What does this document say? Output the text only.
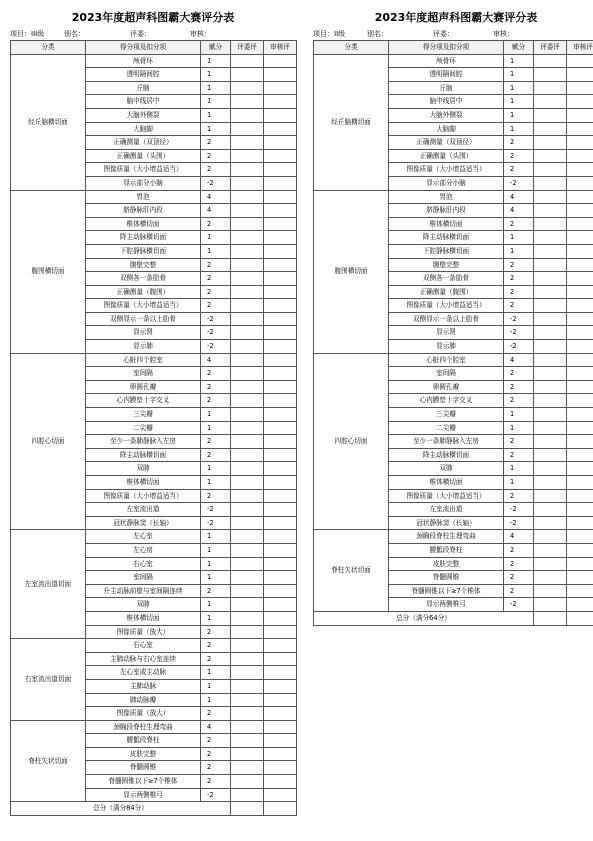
2023年度超声科图霸大赛评分表
项目：III级	别名：	评委：	审核：
分类	得分项及扣分项	赋分	评委评	审核评
经丘脑横切面	颅骨环	1		
	透明隔间腔	1		
	丘脑	1		
	脑中线居中	1		
	大脑外侧裂	1		
	大脑脚	1		
	正确测量（双顶径）	2		
	正确测量（头围）	2		
	图像质量（大小增益适当）	2		
	显示部分小脑	-2		
腹围横切面	胃泡	4		
	脐静脉肝内段	4		
	椎体横切面	2		
	降主动脉横切面	1		
	下腔静脉横切面	1		
	腹壁完整	2		
	双侧各一条肋骨	2		
	正确测量（腹围）	2		
	图像质量（大小增益适当）	2		
	双侧显示一条以上肋骨	-2		
	显示肾	-2		
	显示肺	-2		
四腔心切面	心脏四个腔室	4		
	室间隔	2		
	卵圆孔瓣	2		
	心内膜垫十字交叉	2		
	三尖瓣	1		
	二尖瓣	1		
	至少一条肺静脉入左房	2		
	降主动脉横切面	2		
	双肺	1		
	椎体横切面	1		
	图像质量（大小增益适当）	2		
	左室流出道	-2		
	冠状静脉窦（长轴）	-2		
左室流出道切面	左心室	1		
	左心房	1		
	右心室	1		
	室间隔	1		
	升主动脉前壁与室间隔连续	2		
	双肺	1		
	椎体横切面	1		
	图像质量（放大）	2		
右室流出道切面	右心室	2		
	主肺动脉与右心室连续	2		
	左心室或主动脉	1		
	主肺动脉	1		
	肺动脉瓣	1		
	图像质量（放大）	2		
脊柱矢状切面	颈胸段脊柱生理弯曲	4		
	腰骶段脊柱	2		
	皮肤完整	2		
	脊髓圆锥	2		
	脊髓圆锥以下≥7个椎体	2		
	显示两侧椎弓	-2		
总分（满分84分）				
2023年度超声科图霸大赛评分表
项目：II级	别名：	评委：	审核：
分类	得分项及扣分项	赋分	评委评	审核评
经丘脑横切面	颅骨环	1		
	透明隔间腔	1		
	丘脑	1		
	脑中线居中	1		
	大脑外侧裂	1		
	大脑脚	1		
	正确测量（双顶径）	2		
	正确测量（头围）	2		
	图像质量（大小增益适当）	2		
	显示部分小脑	-2		
腹围横切面	胃泡	4		
	脐静脉肝内段	4		
	椎体横切面	2		
	降主动脉横切面	1		
	下腔静脉横切面	1		
	腹壁完整	2		
	双侧各一条肋骨	2		
	正确测量（腹围）	2		
	图像质量（大小增益适当）	2		
	双侧显示一条以上肋骨	-2		
	显示肾	-2		
	显示肺	-2		
四腔心切面	心脏四个腔室	4		
	室间隔	2		
	卵圆孔瓣	2		
	心内膜垫十字交叉	2		
	三尖瓣	1		
	二尖瓣	1		
	至少一条肺静脉入左房	2		
	降主动脉横切面	2		
	双肺	1		
	椎体横切面	1		
	图像质量（大小增益适当）	2		
	左室流出道	-2		
	冠状静脉窦（长轴）	-2		
脊柱矢状切面	颈胸段脊柱生理弯曲	4		
	腰骶段脊柱	2		
	皮肤完整	2		
	脊髓圆锥	2		
	脊髓圆锥以下≥7个椎体	2		
	显示两侧椎弓	-2		
总分（满分64分）				
